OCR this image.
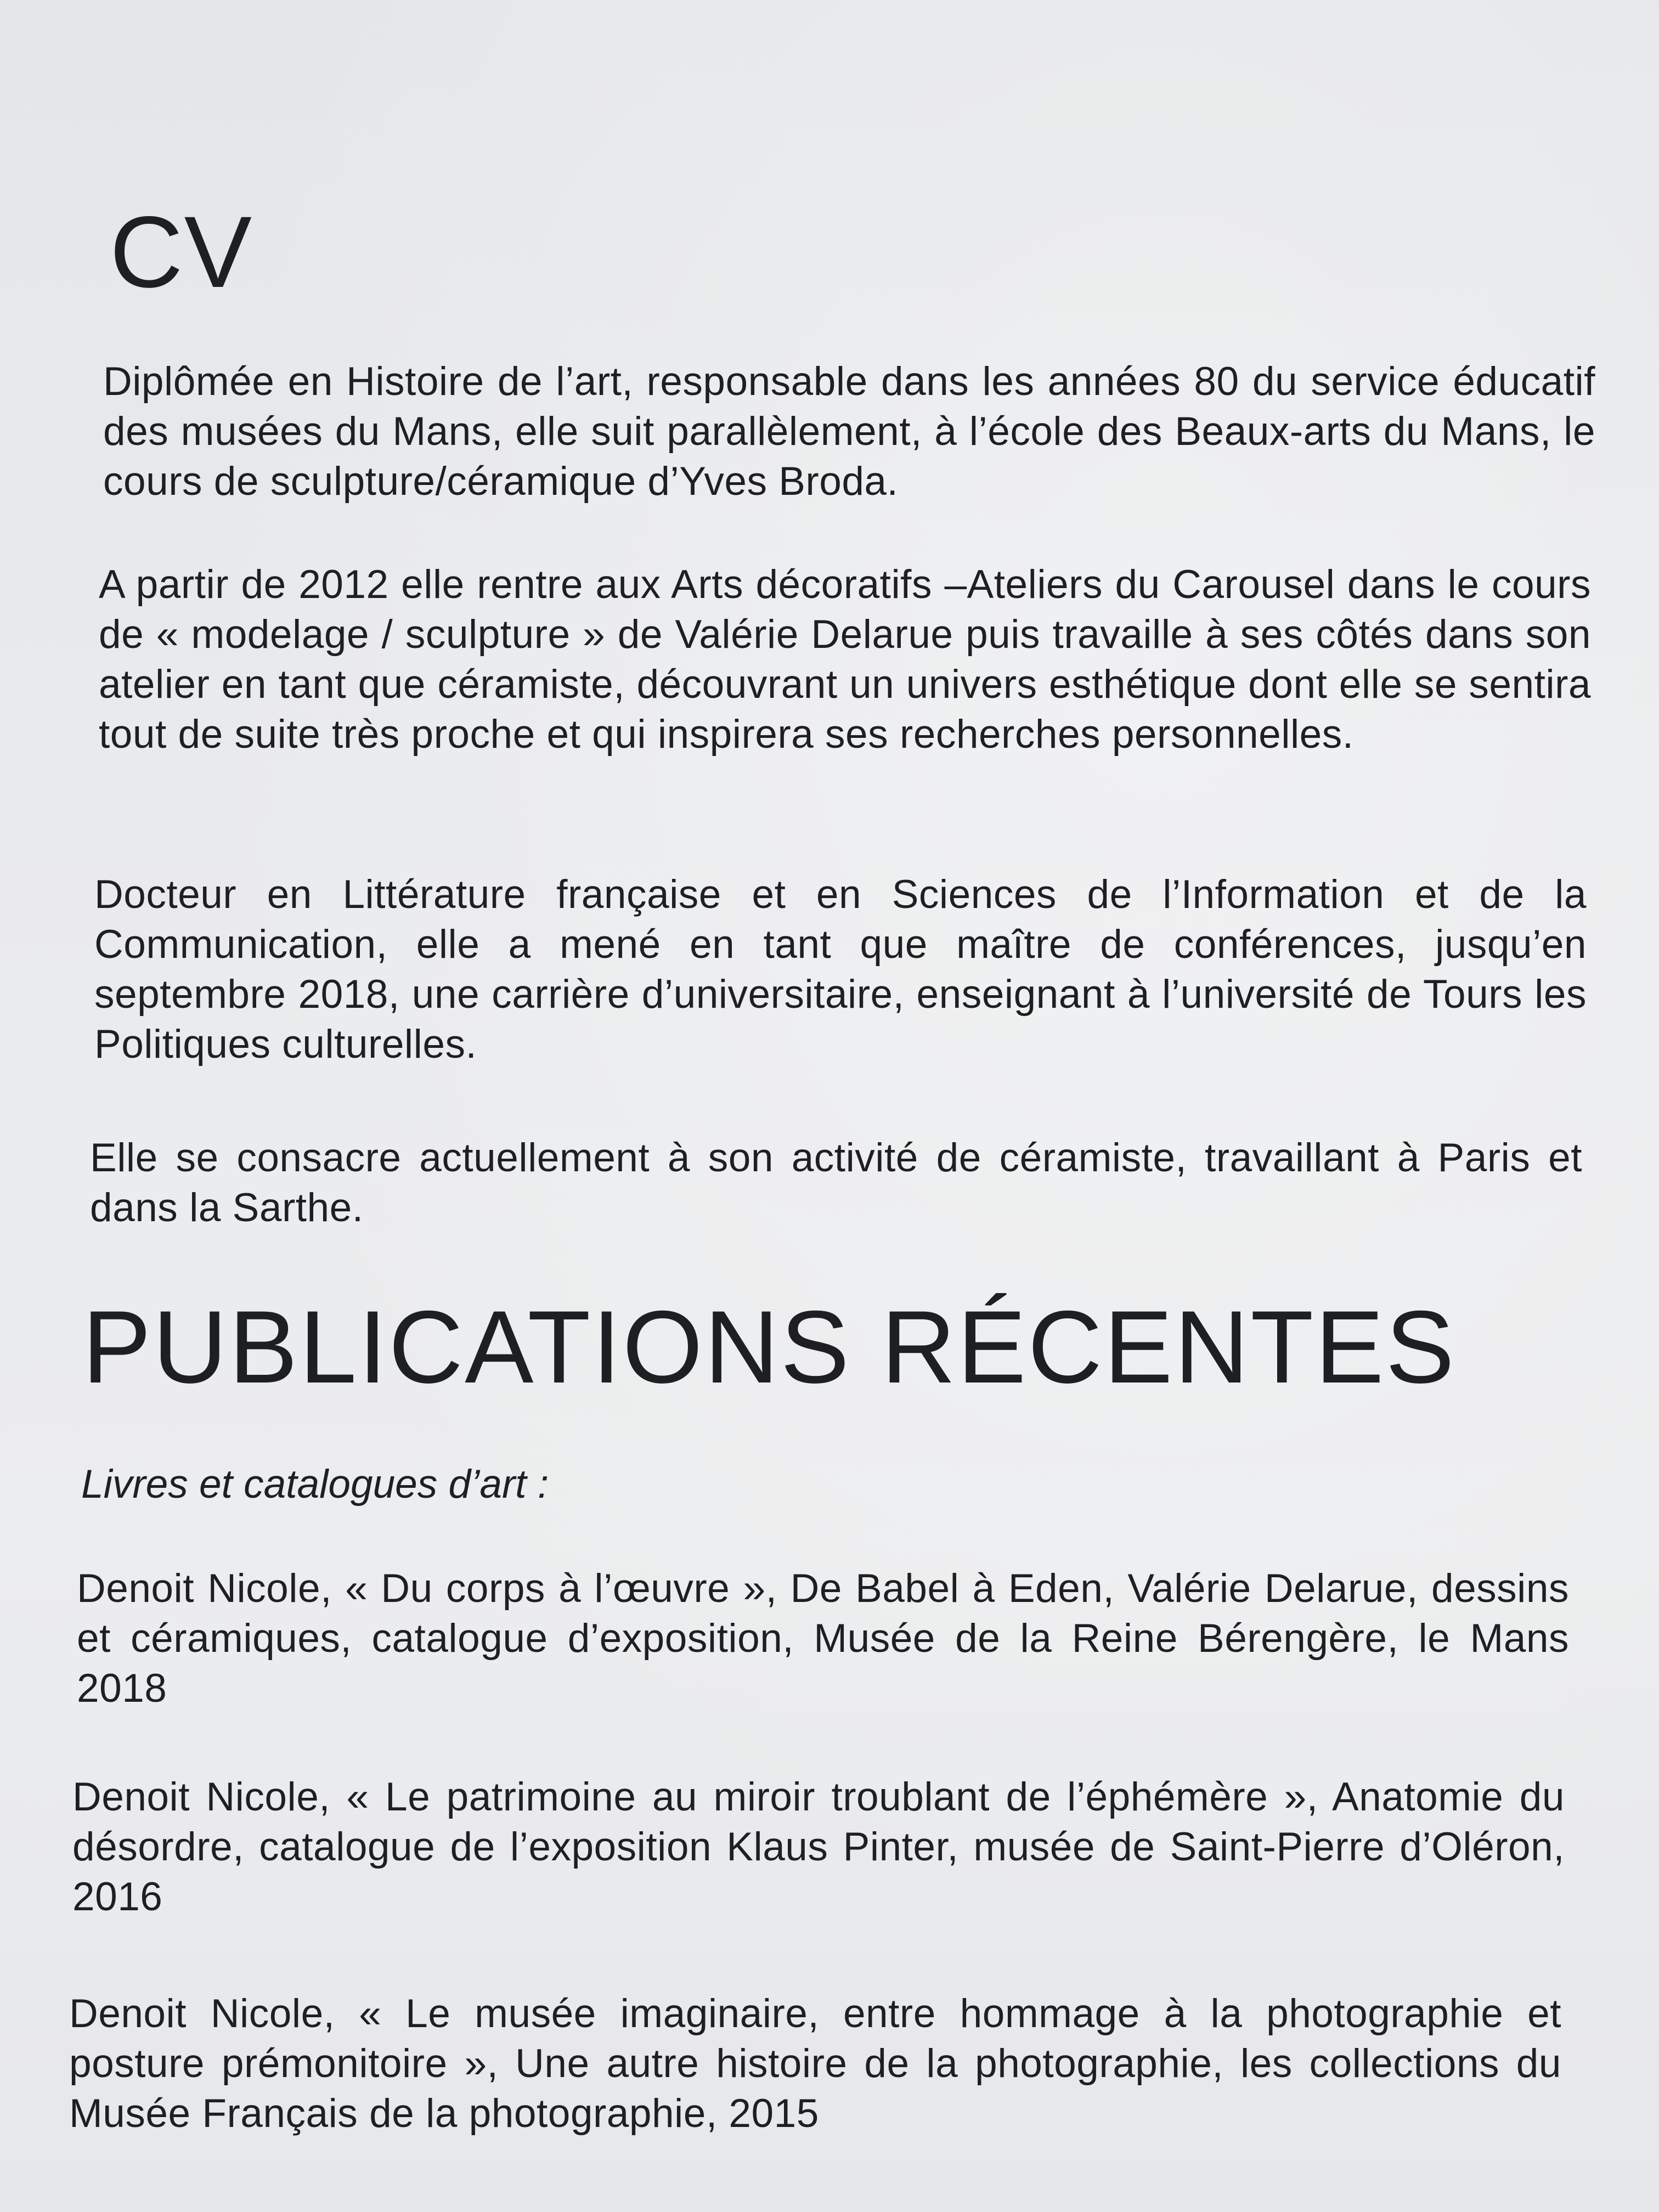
CV

Diplômée en Histoire de l’art, responsable dans les années 80 du service éducatif des musées du Mans, elle suit parallèlement, à l’école des Beaux-arts du Mans, le cours de sculpture/céramique d’Yves Broda.

A partir de 2012 elle rentre aux Arts décoratifs –Ateliers du Carousel dans le cours de « modelage / sculpture » de Valérie Delarue puis travaille à ses côtés dans son atelier en tant que céramiste, découvrant un univers esthétique dont elle se sentira tout de suite très proche et qui inspirera ses recherches personnelles.

Docteur en Littérature française et en Sciences de l’Information et de la Communication, elle a mené en tant que maître de conférences, jusqu’en septembre 2018, une carrière d’universitaire, enseignant à l’université de Tours les Politiques culturelles.

Elle se consacre actuellement à son activité de céramiste, travaillant à Paris et dans la Sarthe.

PUBLICATIONS RÉCENTES

Livres et catalogues d’art :

Denoit Nicole, « Du corps à l’œuvre », De Babel à Eden, Valérie Delarue, dessins et céramiques, catalogue d’exposition, Musée de la Reine Bérengère, le Mans 2018

Denoit Nicole, « Le patrimoine au miroir troublant de l’éphémère », Anatomie du désordre, catalogue de l’exposition Klaus Pinter, musée de Saint-Pierre d’Oléron, 2016

Denoit Nicole, « Le musée imaginaire, entre hommage à la photographie et posture prémonitoire », Une autre histoire de la photographie, les collections du Musée Français de la photographie, 2015
